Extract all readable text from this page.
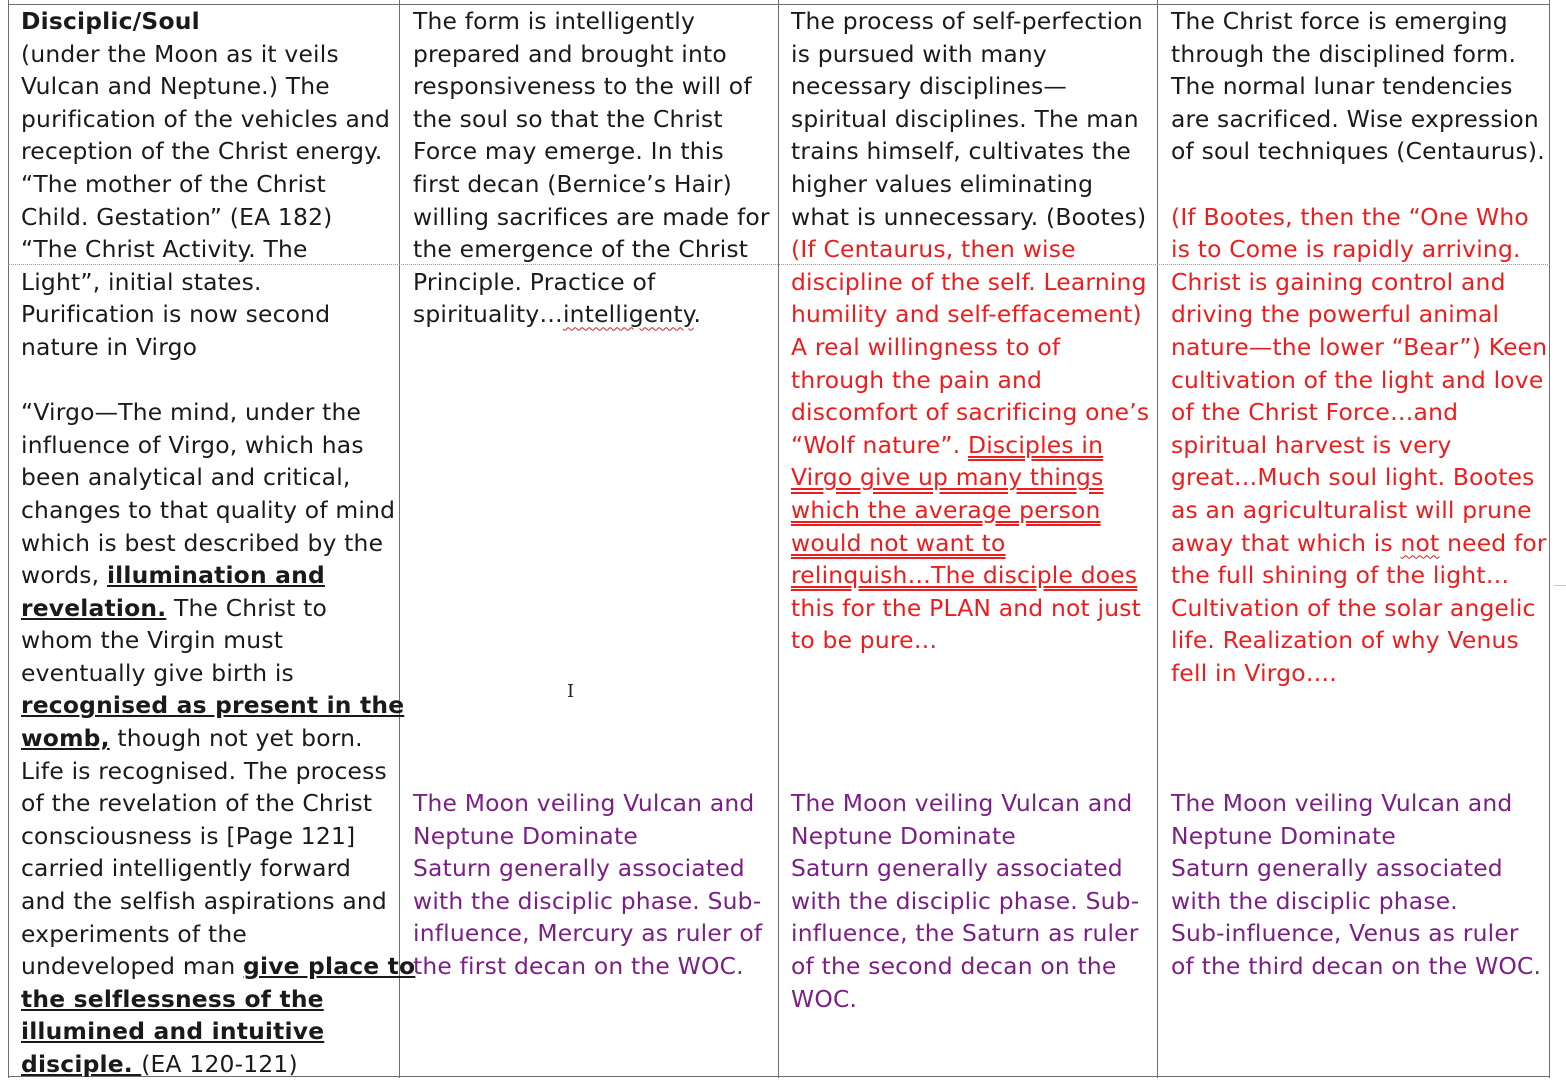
Disciplic/Soul
(under the Moon as it veils
Vulcan and Neptune.) The
purification of the vehicles and
reception of the Christ energy.
“The mother of the Christ
Child. Gestation” (EA 182)
“The Christ Activity. The
Light”, initial states.
Purification is now second
nature in Virgo
“Virgo—The mind, under the
influence of Virgo, which has
been analytical and critical,
changes to that quality of mind
which is best described by the
words, illumination and
revelation. The Christ to
whom the Virgin must
eventually give birth is
recognised as present in the
womb, though not yet born.
Life is recognised. The process
of the revelation of the Christ
consciousness is [Page 121]
carried intelligently forward
and the selfish aspirations and
experiments of the
undeveloped man give place to
the selflessness of the
illumined and intuitive
disciple. (EA 120-121)
The form is intelligently
prepared and brought into
responsiveness to the will of
the soul so that the Christ
Force may emerge. In this
first decan (Bernice’s Hair)
willing sacrifices are made for
the emergence of the Christ
Principle. Practice of
spirituality…intelligenty.
The Moon veiling Vulcan and
Neptune Dominate
Saturn generally associated
with the disciplic phase. Sub-
influence, Mercury as ruler of
the first decan on the WOC.
The process of self-perfection
is pursued with many
necessary disciplines—
spiritual disciplines. The man
trains himself, cultivates the
higher values eliminating
what is unnecessary. (Bootes)
(If Centaurus, then wise
discipline of the self. Learning
humility and self-effacement)
A real willingness to of
through the pain and
discomfort of sacrificing one’s
“Wolf nature”. Disciples in
Virgo give up many things
which the average person
would not want to
relinquish…The disciple does
this for the PLAN and not just
to be pure…
The Moon veiling Vulcan and
Neptune Dominate
Saturn generally associated
with the disciplic phase. Sub-
influence, the Saturn as ruler
of the second decan on the
WOC.
The Christ force is emerging
through the disciplined form.
The normal lunar tendencies
are sacrificed. Wise expression
of soul techniques (Centaurus).
(If Bootes, then the “One Who
is to Come is rapidly arriving.
Christ is gaining control and
driving the powerful animal
nature—the lower “Bear”) Keen
cultivation of the light and love
of the Christ Force…and
spiritual harvest is very
great…Much soul light. Bootes
as an agriculturalist will prune
away that which is not need for
the full shining of the light…
Cultivation of the solar angelic
life. Realization of why Venus
fell in Virgo….
The Moon veiling Vulcan and
Neptune Dominate
Saturn generally associated
with the disciplic phase.
Sub-influence, Venus as ruler
of the third decan on the WOC.
I
